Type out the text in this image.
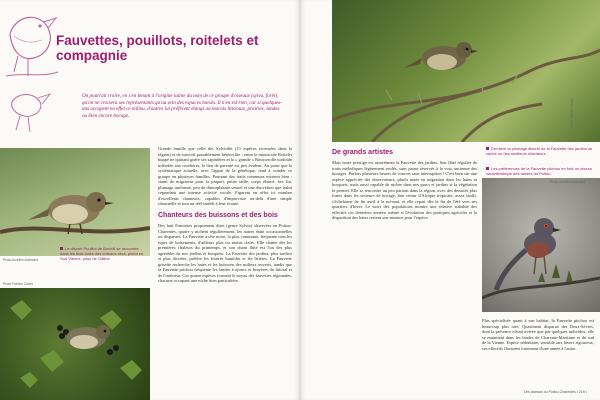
Fauvettes, pouillots, roitelets et compagnie
On pourrait croire, en s'en tenant à l'origine latine du nom de ce groupe d'oiseaux (sylva, forêt), qu'on ne croisera ses représentants qu'au sein des espaces boisés. Il n'en est rien, car si quelques-uns occupent en effet ce milieu, d'autres lui préfèrent étangs ou marais littoraux, prairies, landes ou bien encore bocage.
Photo Aurélien Audevard
Le discret Pouillot de Bonelli se rencontre dans les bois clairs des coteaux secs, plutôt en Sud Vienne, pays de Gâtine.
Photo Fabrice Cahez

Grande famille que celle des Sylviidés (13 espèces recensées dans la région) et de surcroît passablement hétéroclite : entre le minuscule Roitelet huppé ne quittant guère ses sapinières et la « grande » Rousserolle turdoïde inféodée aux roselières, le lien de parenté est peu évident. Au point que la systématique actuelle, avec l'appui de la génétique, tend à scinder ce groupe en plusieurs familles. Pourtant des traits communs existent bien : statut de migrateur pour la plupart, petite taille, corps élancé, bec fin, plumage uniforme, peu de dimorphisme sexuel et une discrétion que trahit cependant une intense activité vocale. Figurent en effet ici nombre d'excellents chanteurs, capables d'improviser au-delà d'une simple ritournelle et tout un réel intérêt à leur écoute.

Chanteurs des buissons et des bois

Des huit Fauvettes proprement dites (genre Sylvia) observées en Poitou-Charentes, quatre y nichent régulièrement, les autres étant occasionnelles ou disparues. La Fauvette à tête noire, la plus commune, fréquente tous les types de boisements, d'ailleurs plus ou moins clairs. Elle chante dès les premières chaleurs du printemps, et son chant flûté est l'un des plus agréables de nos jardins et bosquets. La Fauvette des jardins, plus tardive et plus discrète, préfère les fourrés humides et les lisières. La Fauvette grisette recherche les haies et les buissons des milieux ouverts, tandis que la Fauvette pitchou fréquente les landes à ajoncs et bruyères du littoral et de l'intérieur. Ces quatre espèces forment le noyau des fauvettes régionales, chacune occupant une niche bien particulière.

Photo Fabrice Cahez
Dernière la plumage discret de la Fauvette des jardins se cache un des meilleurs chanteurs.
Les préférences de la Fauvette pitchou en font un oiseau caractéristique des landes du Poitou.
De grands artistes

Mais notre prestige est assurément la Fauvette des jardins. Son flûté régulier de traits mélodiques légèrement roulés, sans pause réservés à la voix ancienne des bocages. Parfois plusieurs heures de concert sans interruption ! C'est bien sûr une espèce appréciée des observateurs, plutôt notée en migration dans les haies et bosquets, mais aussi capable de nicher dans nos parcs et jardins si la végétation le permet. Elle se rencontre un peu partout dans la région, avec des densités plus fortes dans les secteurs de bocage. Son retour d'Afrique tropicale, assez tardif, s'échelonne de fin avril à la mi-mai, et elle repart dès la fin de l'été vers ses quartiers d'hiver. Le suivi des populations montre une relative stabilité des effectifs ces dernières années, même si l'évolution des pratiques agricoles et la disparition des haies restent une menace pour l'espèce.

Photo Aurélien Audevard

Plus spécialisée quant à son habitat, la Fauvette pitchou est beaucoup plus rare. Quasiment disparue des Deux-Sèvres, dont la présence n'était avérée que par quelques individus, elle se maintient dans les landes de Charente-Maritime et du sud de la Vienne. Espèce sédentaire, sensible aux hivers rigoureux, ses effectifs fluctuent fortement d'une année à l'autre.

Les oiseaux du Poitou-Charentes • 219 •
